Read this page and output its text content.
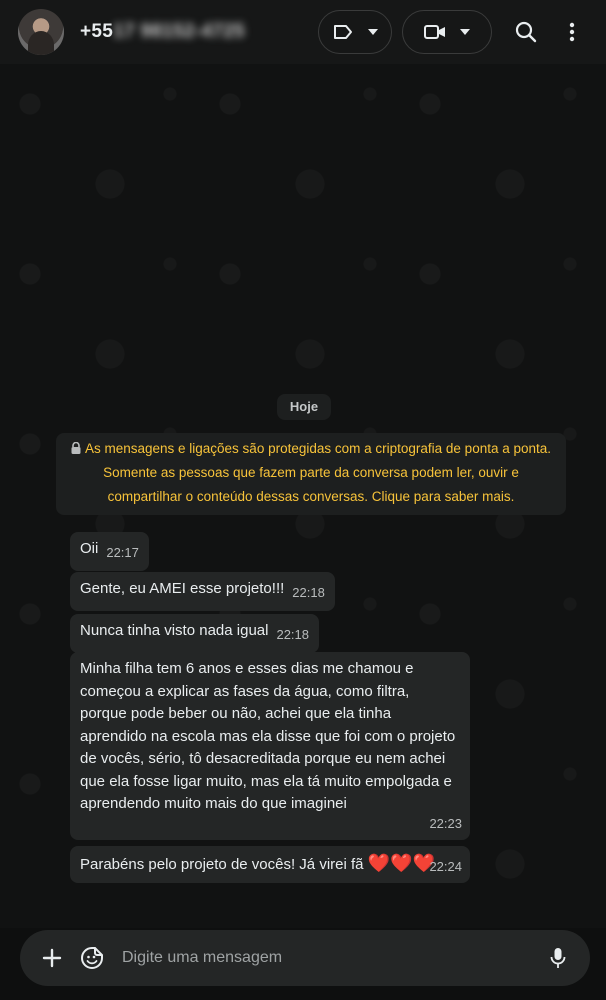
+5517 98152-4725
Hoje
As mensagens e ligações são protegidas com a criptografia de ponta a ponta. Somente as pessoas que fazem parte da conversa podem ler, ouvir e compartilhar o conteúdo dessas conversas. Clique para saber mais.
Oii 22:17
Gente, eu AMEI esse projeto!!! 22:18
Nunca tinha visto nada igual 22:18
Minha filha tem 6 anos e esses dias me chamou e começou a explicar as fases da água, como filtra, porque pode beber ou não, achei que ela tinha aprendido na escola mas ela disse que foi com o projeto de vocês, sério, tô desacreditada porque eu nem achei que ela fosse ligar muito, mas ela tá muito empolgada e aprendendo muito mais do que imaginei
22:23
Parabéns pelo projeto de vocês! Já virei fã ❤️❤️❤️
22:24
Digite uma mensagem
